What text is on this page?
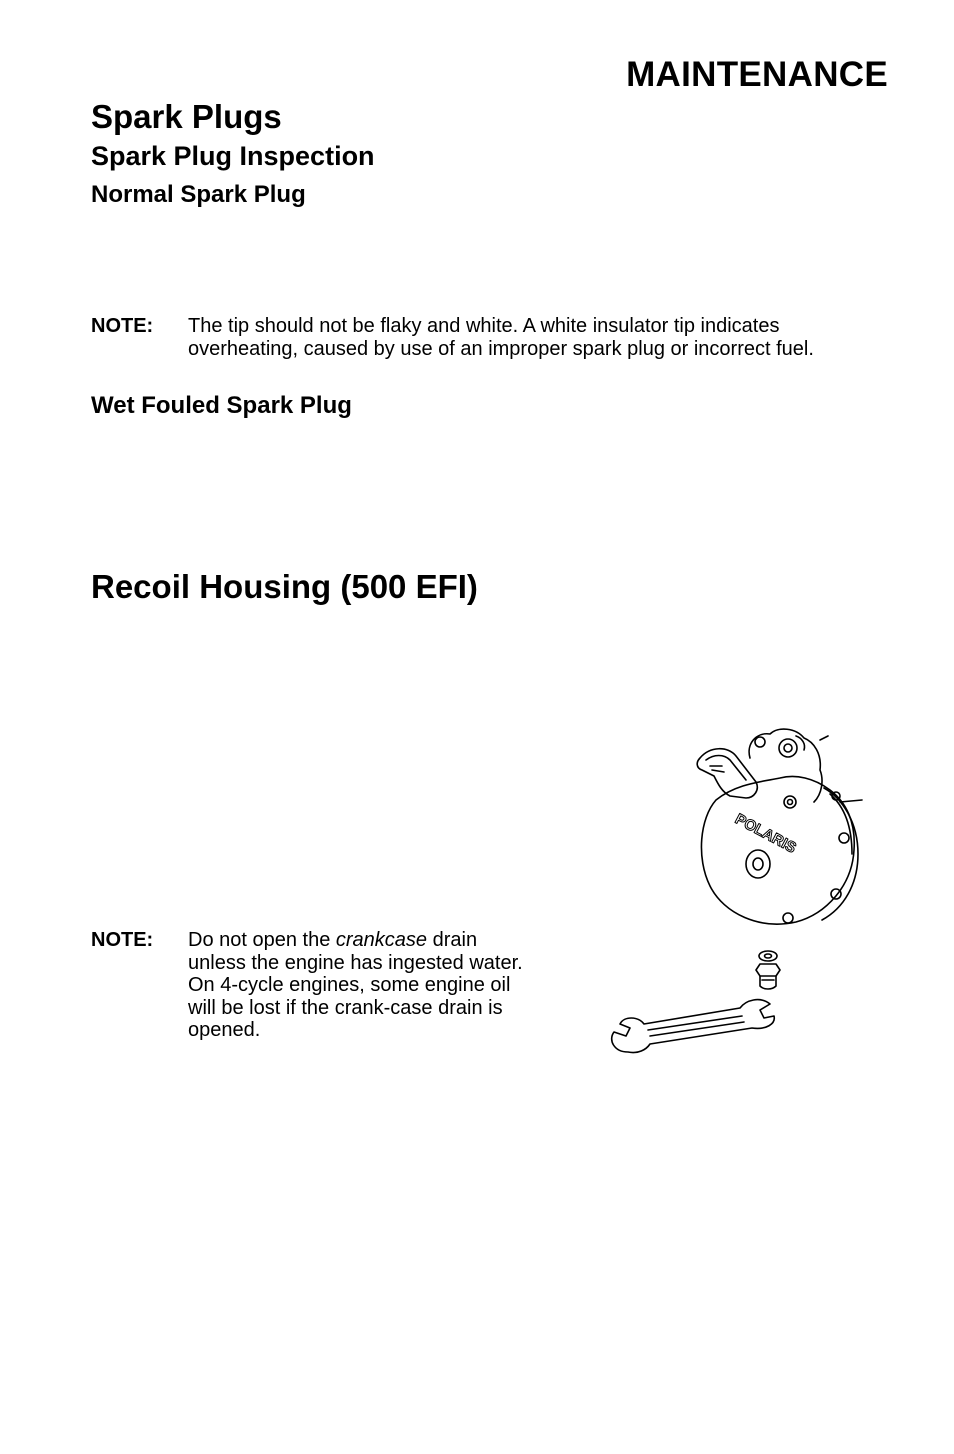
MAINTENANCE
Spark Plugs
Spark Plug Inspection
Normal Spark Plug
NOTE: The tip should not be flaky and white. A white insulator tip indicates overheating, caused by use of an improper spark plug or incorrect fuel.
Wet Fouled Spark Plug
Recoil Housing (500 EFI)
NOTE: Do not open the crankcase drain unless the engine has ingested water. On 4-cycle engines, some engine oil will be lost if the crank-case drain is opened.
POLARIS
